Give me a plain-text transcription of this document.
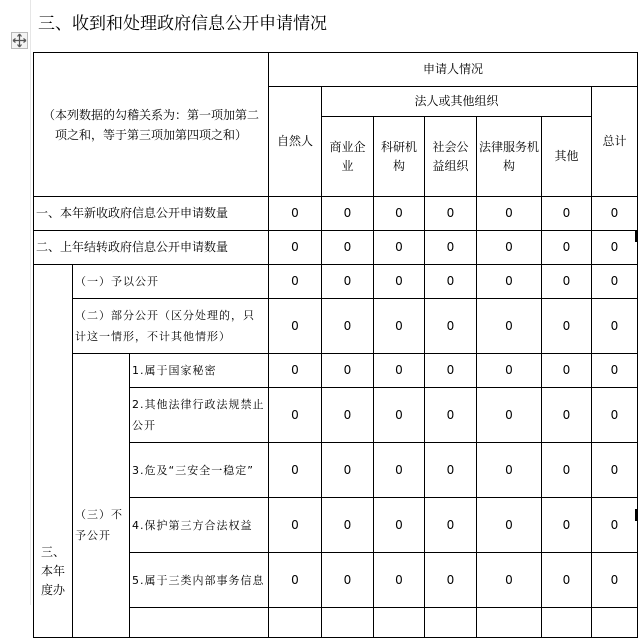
三、收到和处理政府信息公开申请情况
（本列数据的勾稽关系为：第一项加第二项之和，等于第三项加第四项之和）			申请人情况						
			自然人	法人或其他组织					总计
				商业企业	科研机构	社会公益组织	法律服务机构	其他	
一、本年新收政府信息公开申请数量			0	0	0	0	0	0	0
二、上年结转政府信息公开申请数量			0	0	0	0	0	0	0
三、本年度办	（一）予以公开		0	0	0	0	0	0	0
	（二）部分公开（区分处理的，只计这一情形，不计其他情形）		0	0	0	0	0	0	0
	（三）不予公开	1.属于国家秘密	0	0	0	0	0	0	0
		2.其他法律行政法规禁止公开	0	0	0	0	0	0	0
		3.危及“三安全一稳定”	0	0	0	0	0	0	0
		4.保护第三方合法权益	0	0	0	0	0	0	0
		5.属于三类内部事务信息	0	0	0	0	0	0	0
